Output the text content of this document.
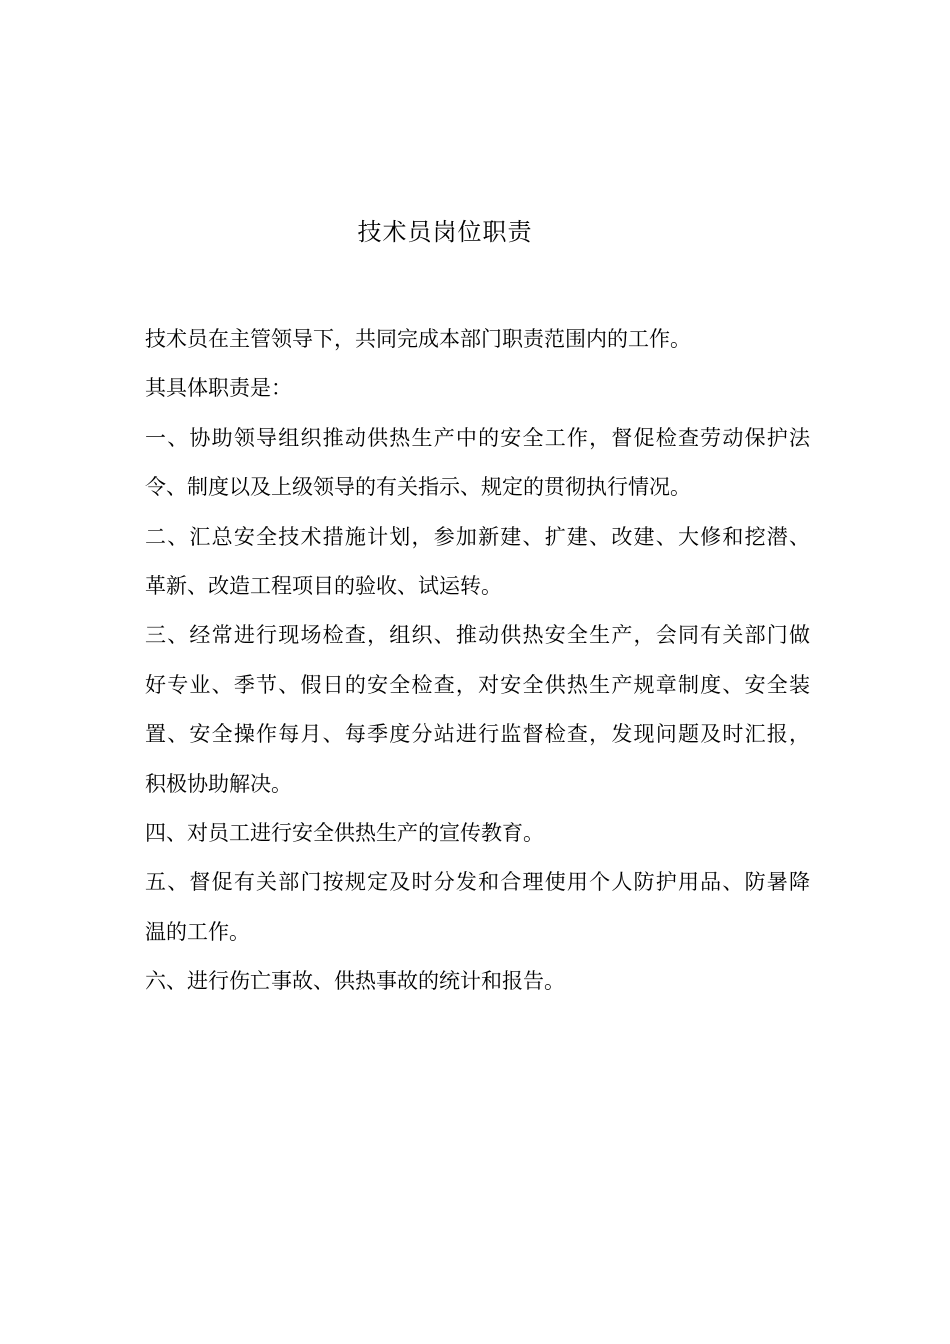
技术员岗位职责
技术员在主管领导下，共同完成本部门职责范围内的工作。
其具体职责是：
一、协助领导组织推动供热生产中的安全工作，督促检查劳动保护法
令、制度以及上级领导的有关指示、规定的贯彻执行情况。
二、汇总安全技术措施计划，参加新建、扩建、改建、大修和挖潜、
革新、改造工程项目的验收、试运转。
三、经常进行现场检查，组织、推动供热安全生产，会同有关部门做
好专业、季节、假日的安全检查，对安全供热生产规章制度、安全装
置、安全操作每月、每季度分站进行监督检查，发现问题及时汇报，
积极协助解决。
四、对员工进行安全供热生产的宣传教育。
五、督促有关部门按规定及时分发和合理使用个人防护用品、防暑降
温的工作。
六、进行伤亡事故、供热事故的统计和报告。
